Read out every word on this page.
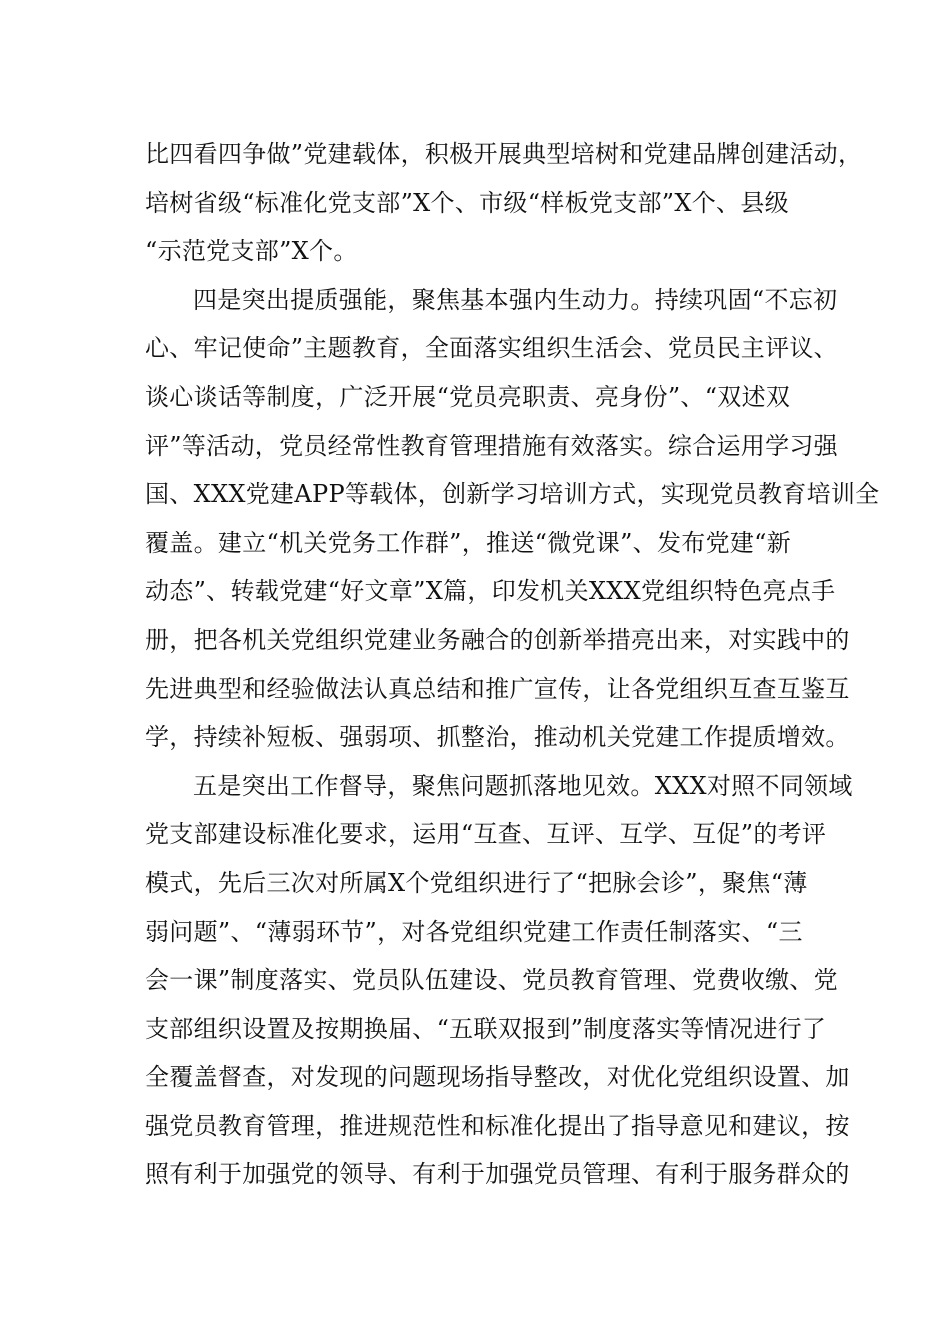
比四看四争做”党建载体，积极开展典型培树和党建品牌创建活动，
培树省级“标准化党支部”X个、市级“样板党支部”X个、县级
“示范党支部”X个。
四是突出提质强能，聚焦基本强内生动力。持续巩固“不忘初
心、牢记使命”主题教育，全面落实组织生活会、党员民主评议、
谈心谈话等制度，广泛开展“党员亮职责、亮身份”、“双述双
评”等活动，党员经常性教育管理措施有效落实。综合运用学习强
国、XXX党建APP等载体，创新学习培训方式，实现党员教育培训全
覆盖。建立“机关党务工作群”，推送“微党课”、发布党建“新
动态”、转载党建“好文章”X篇，印发机关XXX党组织特色亮点手
册，把各机关党组织党建业务融合的创新举措亮出来，对实践中的
先进典型和经验做法认真总结和推广宣传，让各党组织互查互鉴互
学，持续补短板、强弱项、抓整治，推动机关党建工作提质增效。
五是突出工作督导，聚焦问题抓落地见效。XXX对照不同领域
党支部建设标准化要求，运用“互查、互评、互学、互促”的考评
模式，先后三次对所属X个党组织进行了“把脉会诊”，聚焦“薄
弱问题”、“薄弱环节”，对各党组织党建工作责任制落实、“三
会一课”制度落实、党员队伍建设、党员教育管理、党费收缴、党
支部组织设置及按期换届、“五联双报到”制度落实等情况进行了
全覆盖督查，对发现的问题现场指导整改，对优化党组织设置、加
强党员教育管理，推进规范性和标准化提出了指导意见和建议，按
照有利于加强党的领导、有利于加强党员管理、有利于服务群众的
